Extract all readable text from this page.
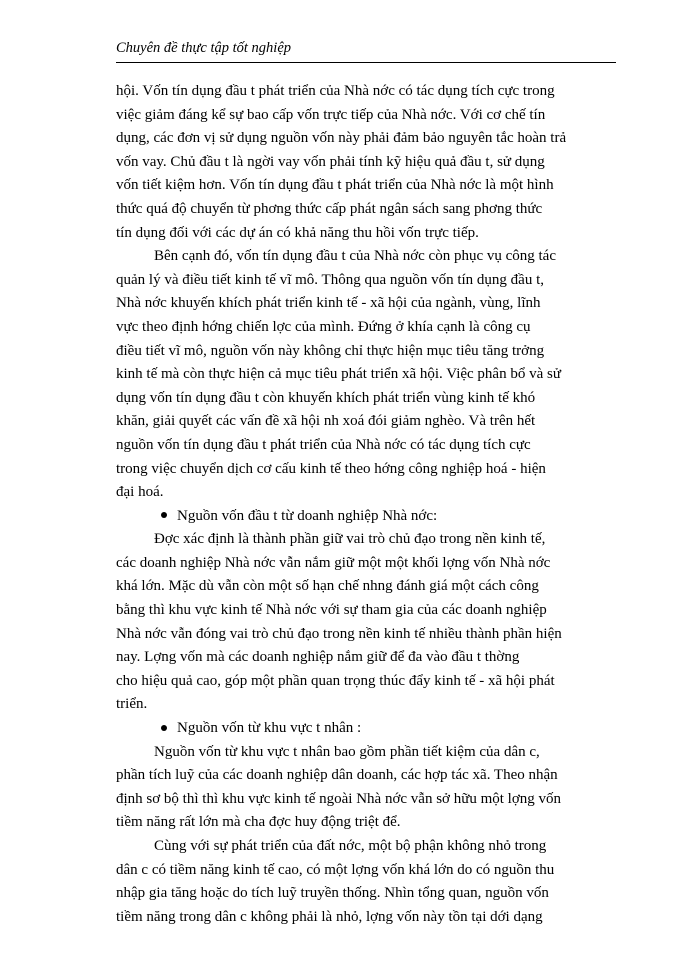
Chuyên đề thực tập tốt nghiệp
hội. Vốn tín dụng đầu t phát triển của Nhà nớc có tác dụng tích cực trong
việc giảm đáng kể sự bao cấp vốn trực tiếp của Nhà nớc. Với cơ chế tín
dụng, các đơn vị sử dụng nguồn vốn này phải đảm bảo nguyên tắc hoàn trả
vốn vay. Chủ đầu t là ngời vay vốn phải tính kỹ hiệu quả đầu t, sử dụng
vốn tiết kiệm hơn. Vốn tín dụng đầu t phát triển của Nhà nớc là một hình
thức quá độ chuyển từ phơng thức cấp phát ngân sách sang phơng thức
tín dụng đối với các dự án có khả năng thu hồi vốn trực tiếp.
Bên cạnh đó, vốn tín dụng đầu t của Nhà nớc còn phục vụ công tác
quản lý và điều tiết kinh tế vĩ mô. Thông qua nguồn vốn tín dụng đầu t,
Nhà nớc khuyến khích phát triển kinh tế - xã hội của ngành, vùng, lĩnh
vực theo định hớng chiến lợc của mình. Đứng ở khía cạnh là công cụ
điều tiết vĩ mô, nguồn vốn này không chỉ thực hiện mục tiêu tăng trởng
kinh tế mà còn thực hiện cả mục tiêu phát triển xã hội. Việc phân bổ và sử
dụng vốn tín dụng đầu t còn khuyến khích phát triển vùng kinh tế khó
khăn, giải quyết các vấn đề xã hội nh xoá đói giảm nghèo. Và trên hết
nguồn vốn tín dụng đầu t phát triển của Nhà nớc có tác dụng tích cực
trong việc chuyển dịch cơ cấu kinh tế theo hớng công nghiệp hoá - hiện
đại hoá.
Nguồn vốn đầu t từ doanh nghiệp Nhà nớc:
Đợc xác định là thành phần giữ vai trò chủ đạo trong nền kinh tế,
các doanh nghiệp Nhà nớc vẫn nắm giữ một một khối lợng vốn Nhà nớc
khá lớn. Mặc dù vẫn còn một số hạn chế nhng đánh giá một cách công
bằng thì khu vực kinh tế Nhà nớc với sự tham gia của các doanh nghiệp
Nhà nớc vẫn đóng vai trò chủ đạo trong nền kinh tế nhiều thành phần hiện
nay. Lợng vốn mà các doanh nghiệp nắm giữ để đa vào đầu t thờng
cho hiệu quả cao, góp một phần quan trọng thúc đẩy kinh tế - xã hội phát
triển.
Nguồn vốn từ khu vực t nhân :
Nguồn vốn từ khu vực t nhân bao gồm phần tiết kiệm của dân c,
phần tích luỹ của các doanh nghiệp dân doanh, các hợp tác xã. Theo nhận
định sơ bộ thì thì khu vực kinh tế ngoài Nhà nớc vẫn sở hữu một lợng vốn
tiềm năng rất lớn mà cha đợc huy động triệt để.
Cùng với sự phát triển của đất nớc, một bộ phận không nhỏ trong
dân c có tiềm năng kinh tế cao, có một lợng vốn khá lớn do có nguồn thu
nhập gia tăng hoặc do tích luỹ truyền thống. Nhìn tổng quan, nguồn vốn
tiềm năng trong dân c không phải là nhỏ, lợng vốn này tồn tại dới dạng
